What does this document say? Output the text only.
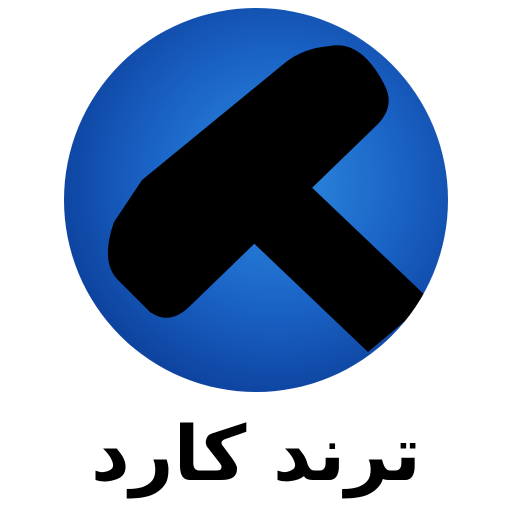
ترند کارد
